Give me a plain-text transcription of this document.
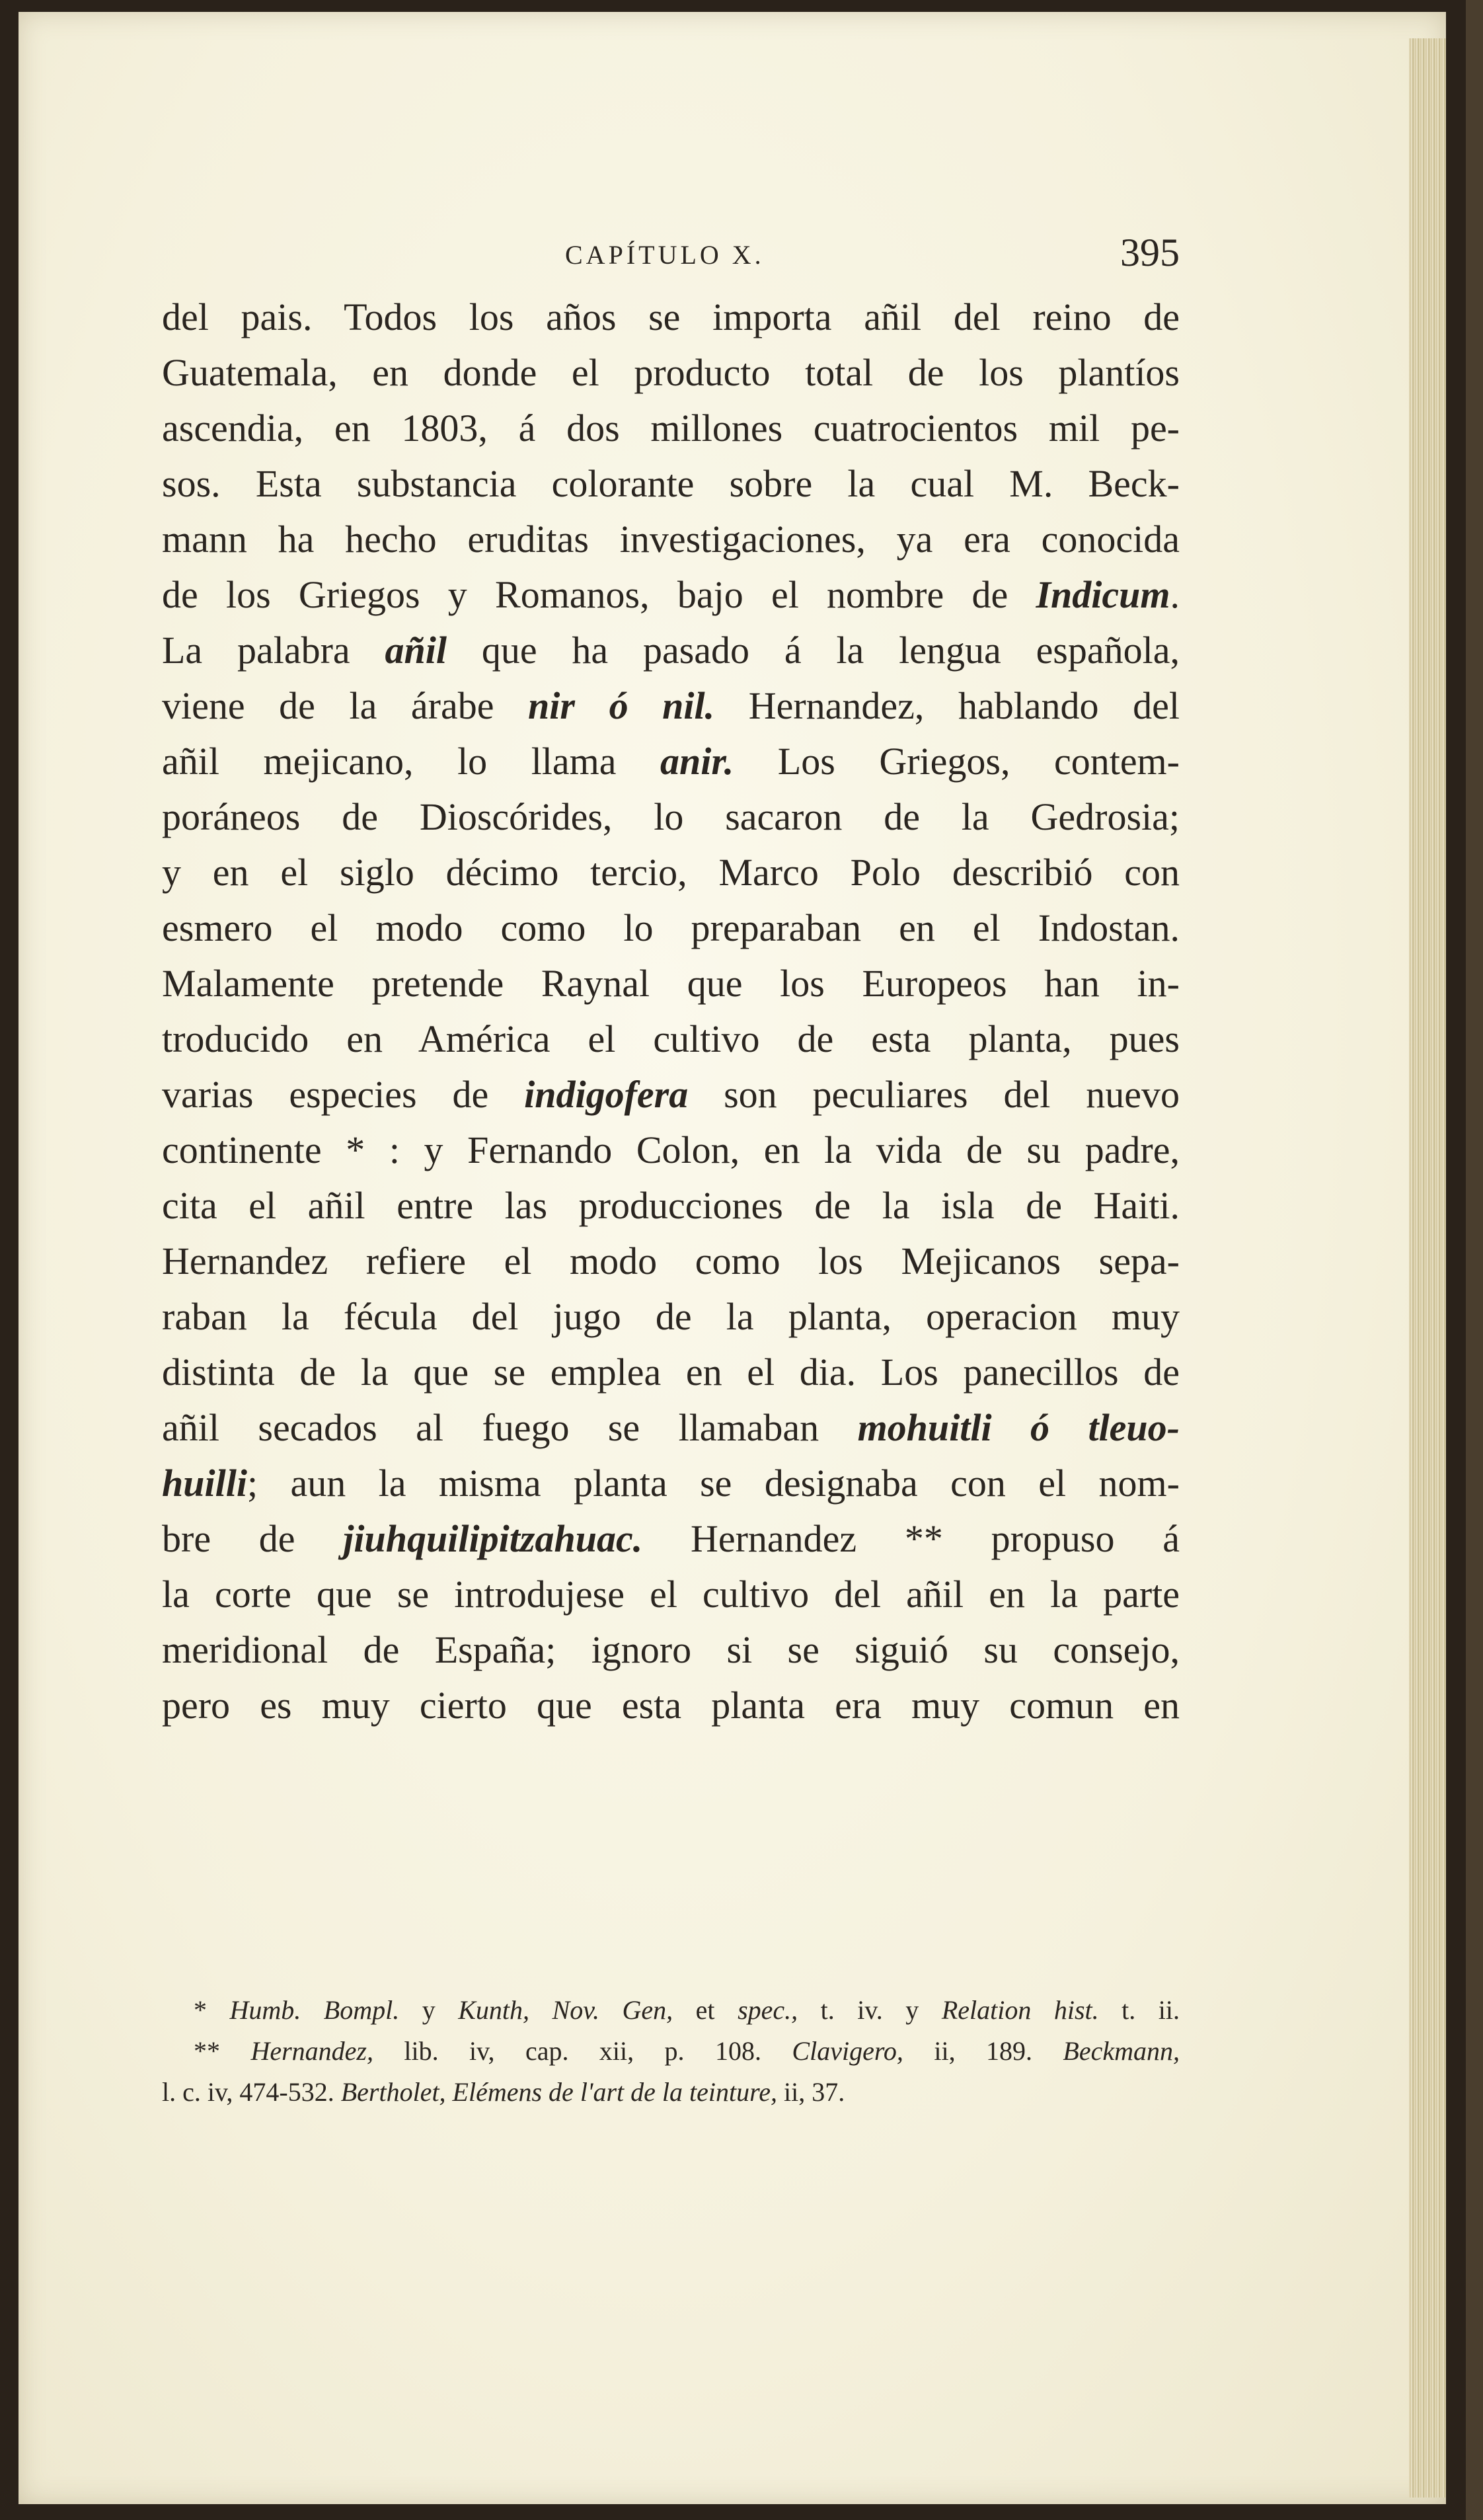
CAPÍTULO X.	395
del pais. Todos los años se importa añil del reino de
Guatemala, en donde el producto total de los plantíos
ascendia, en 1803, á dos millones cuatrocientos mil pe-
sos. Esta substancia colorante sobre la cual M. Beck-
mann ha hecho eruditas investigaciones, ya era conocida
de los Griegos y Romanos, bajo el nombre de Indicum.
La palabra añil que ha pasado á la lengua española,
viene de la árabe nir ó nil. Hernandez, hablando del
añil mejicano, lo llama anir. Los Griegos, contem-
poráneos de Dioscórides, lo sacaron de la Gedrosia;
y en el siglo décimo tercio, Marco Polo describió con
esmero el modo como lo preparaban en el Indostan.
Malamente pretende Raynal que los Europeos han in-
troducido en América el cultivo de esta planta, pues
varias especies de indigofera son peculiares del nuevo
continente * : y Fernando Colon, en la vida de su padre,
cita el añil entre las producciones de la isla de Haiti.
Hernandez refiere el modo como los Mejicanos sepa-
raban la fécula del jugo de la planta, operacion muy
distinta de la que se emplea en el dia. Los panecillos de
añil secados al fuego se llamaban mohuitli ó tleuo-
huilli; aun la misma planta se designaba con el nom-
bre de jiuhquilipitzahuac. Hernandez ** propuso á
la corte que se introdujese el cultivo del añil en la parte
meridional de España; ignoro si se siguió su consejo,
pero es muy cierto que esta planta era muy comun en
* Humb. Bompl. y Kunth, Nov. Gen, et spec., t. iv. y Relation hist. t. ii.
** Hernandez, lib. iv, cap. xii, p. 108. Clavigero, ii, 189. Beckmann,
l. c. iv, 474-532. Bertholet, Elémens de l'art de la teinture, ii, 37.
